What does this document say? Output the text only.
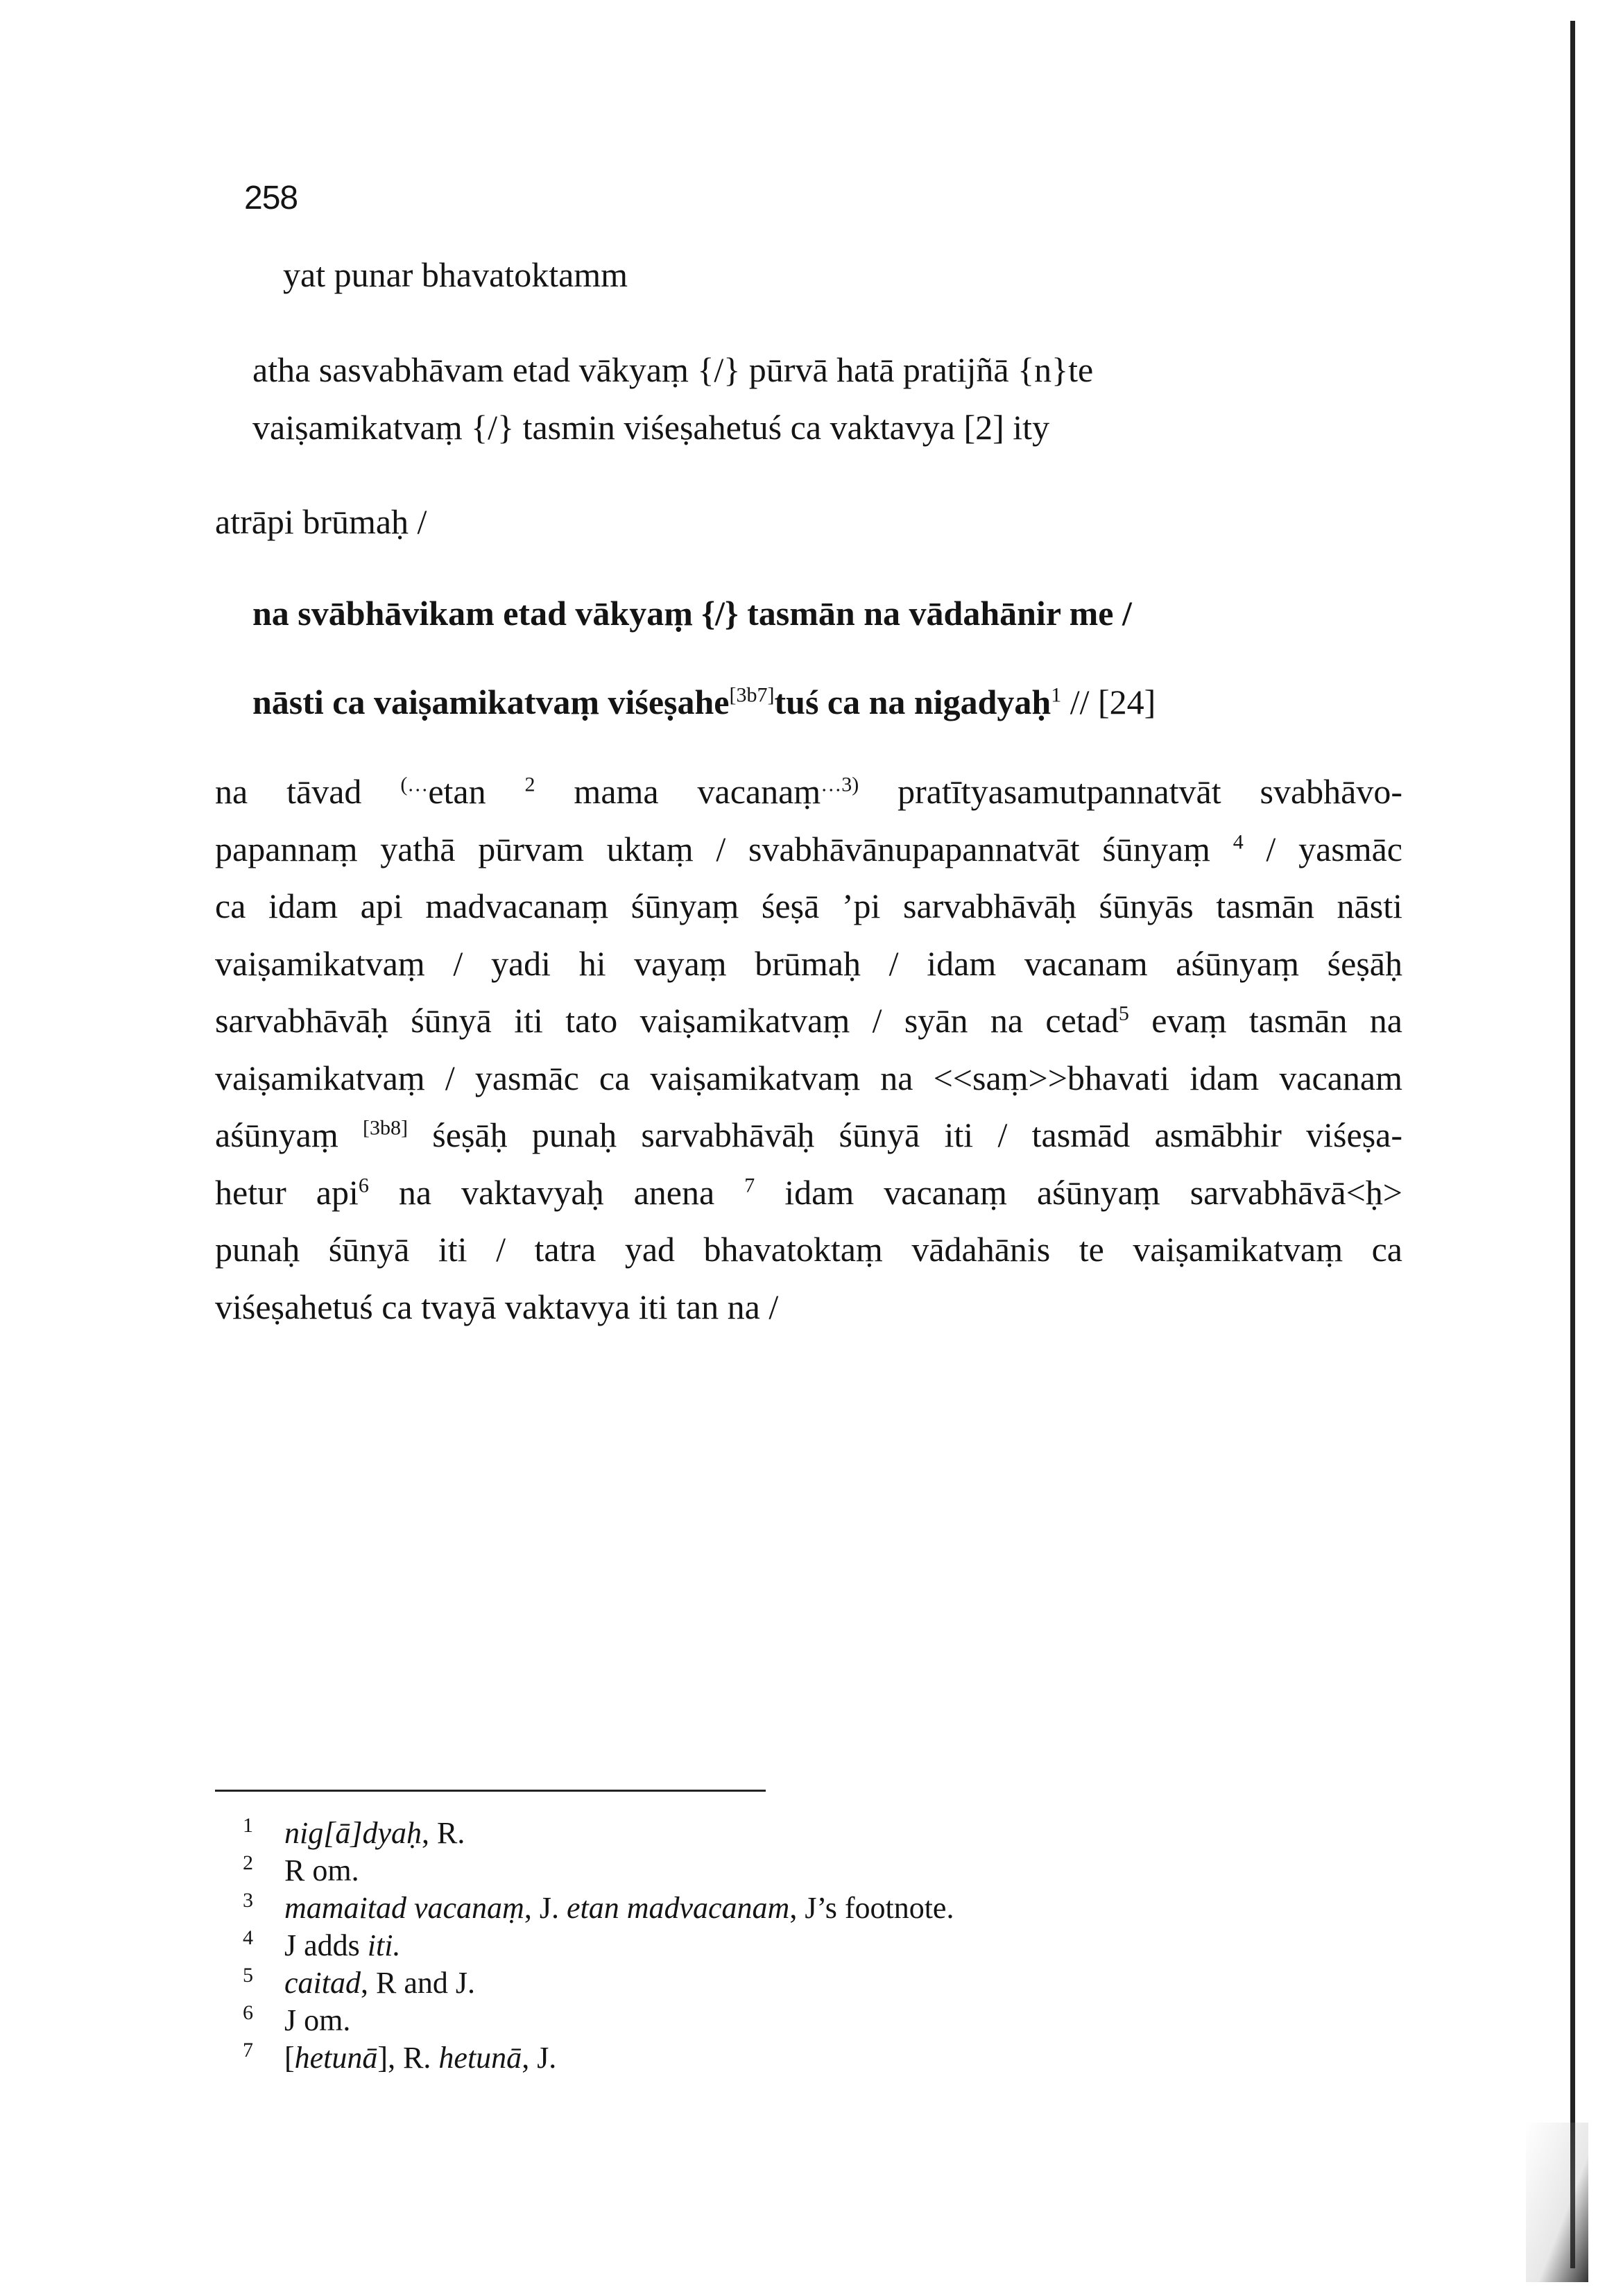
258
yat punar bhavatoktamm
atha sasvabhāvam etad vākyaṃ {/} pūrvā hatā pratijñā {n}te
vaiṣamikatvaṃ {/} tasmin viśeṣahetuś ca vaktavya [2] ity
atrāpi brūmaḥ /
na svābhāvikam etad vākyaṃ {/} tasmān na vādahānir me /
nāsti ca vaiṣamikatvaṃ viśeṣahe[3b7]tuś ca na nigadyaḥ$^1$ // [24]
na tāvad (…etan $^2$ mama vacanaṃ$^{\dots 3)}$ pratītyasamutpannatvāt svabhāvo-
papannaṃ yathā pūrvam uktaṃ / svabhāvānupapannatvāt śūnyaṃ $^4$ / yasmāc
ca idam api madvacanaṃ śūnyaṃ śeṣā ’pi sarvabhāvāḥ śūnyās tasmān nāsti
vaiṣamikatvaṃ / yadi hi vayaṃ brūmaḥ / idam vacanam aśūnyaṃ śeṣāḥ
sarvabhāvāḥ śūnyā iti tato vaiṣamikatvaṃ / syān na cetad$^5$ evaṃ tasmān na
vaiṣamikatvaṃ / yasmāc ca vaiṣamikatvaṃ na <<saṃ>>bhavati idam vacanam
aśūnyaṃ [3b8] śeṣāḥ punaḥ sarvabhāvāḥ śūnyā iti / tasmād asmābhir viśeṣa-
hetur api$^6$ na vaktavyaḥ anena $^7$ idam vacanaṃ aśūnyaṃ sarvabhāvā<ḥ>
punaḥ śūnyā iti / tatra yad bhavatoktaṃ vādahānis te vaiṣamikatvaṃ ca
viśeṣahetuś ca tvayā vaktavya iti tan na /
1 nig[ā]dyaḥ, R.
2 R om.
3 mamaitad vacanaṃ, J. etan madvacanam, J’s footnote.
4 J adds iti.
5 caitad, R and J.
6 J om.
7 [hetunā], R. hetunā, J.
